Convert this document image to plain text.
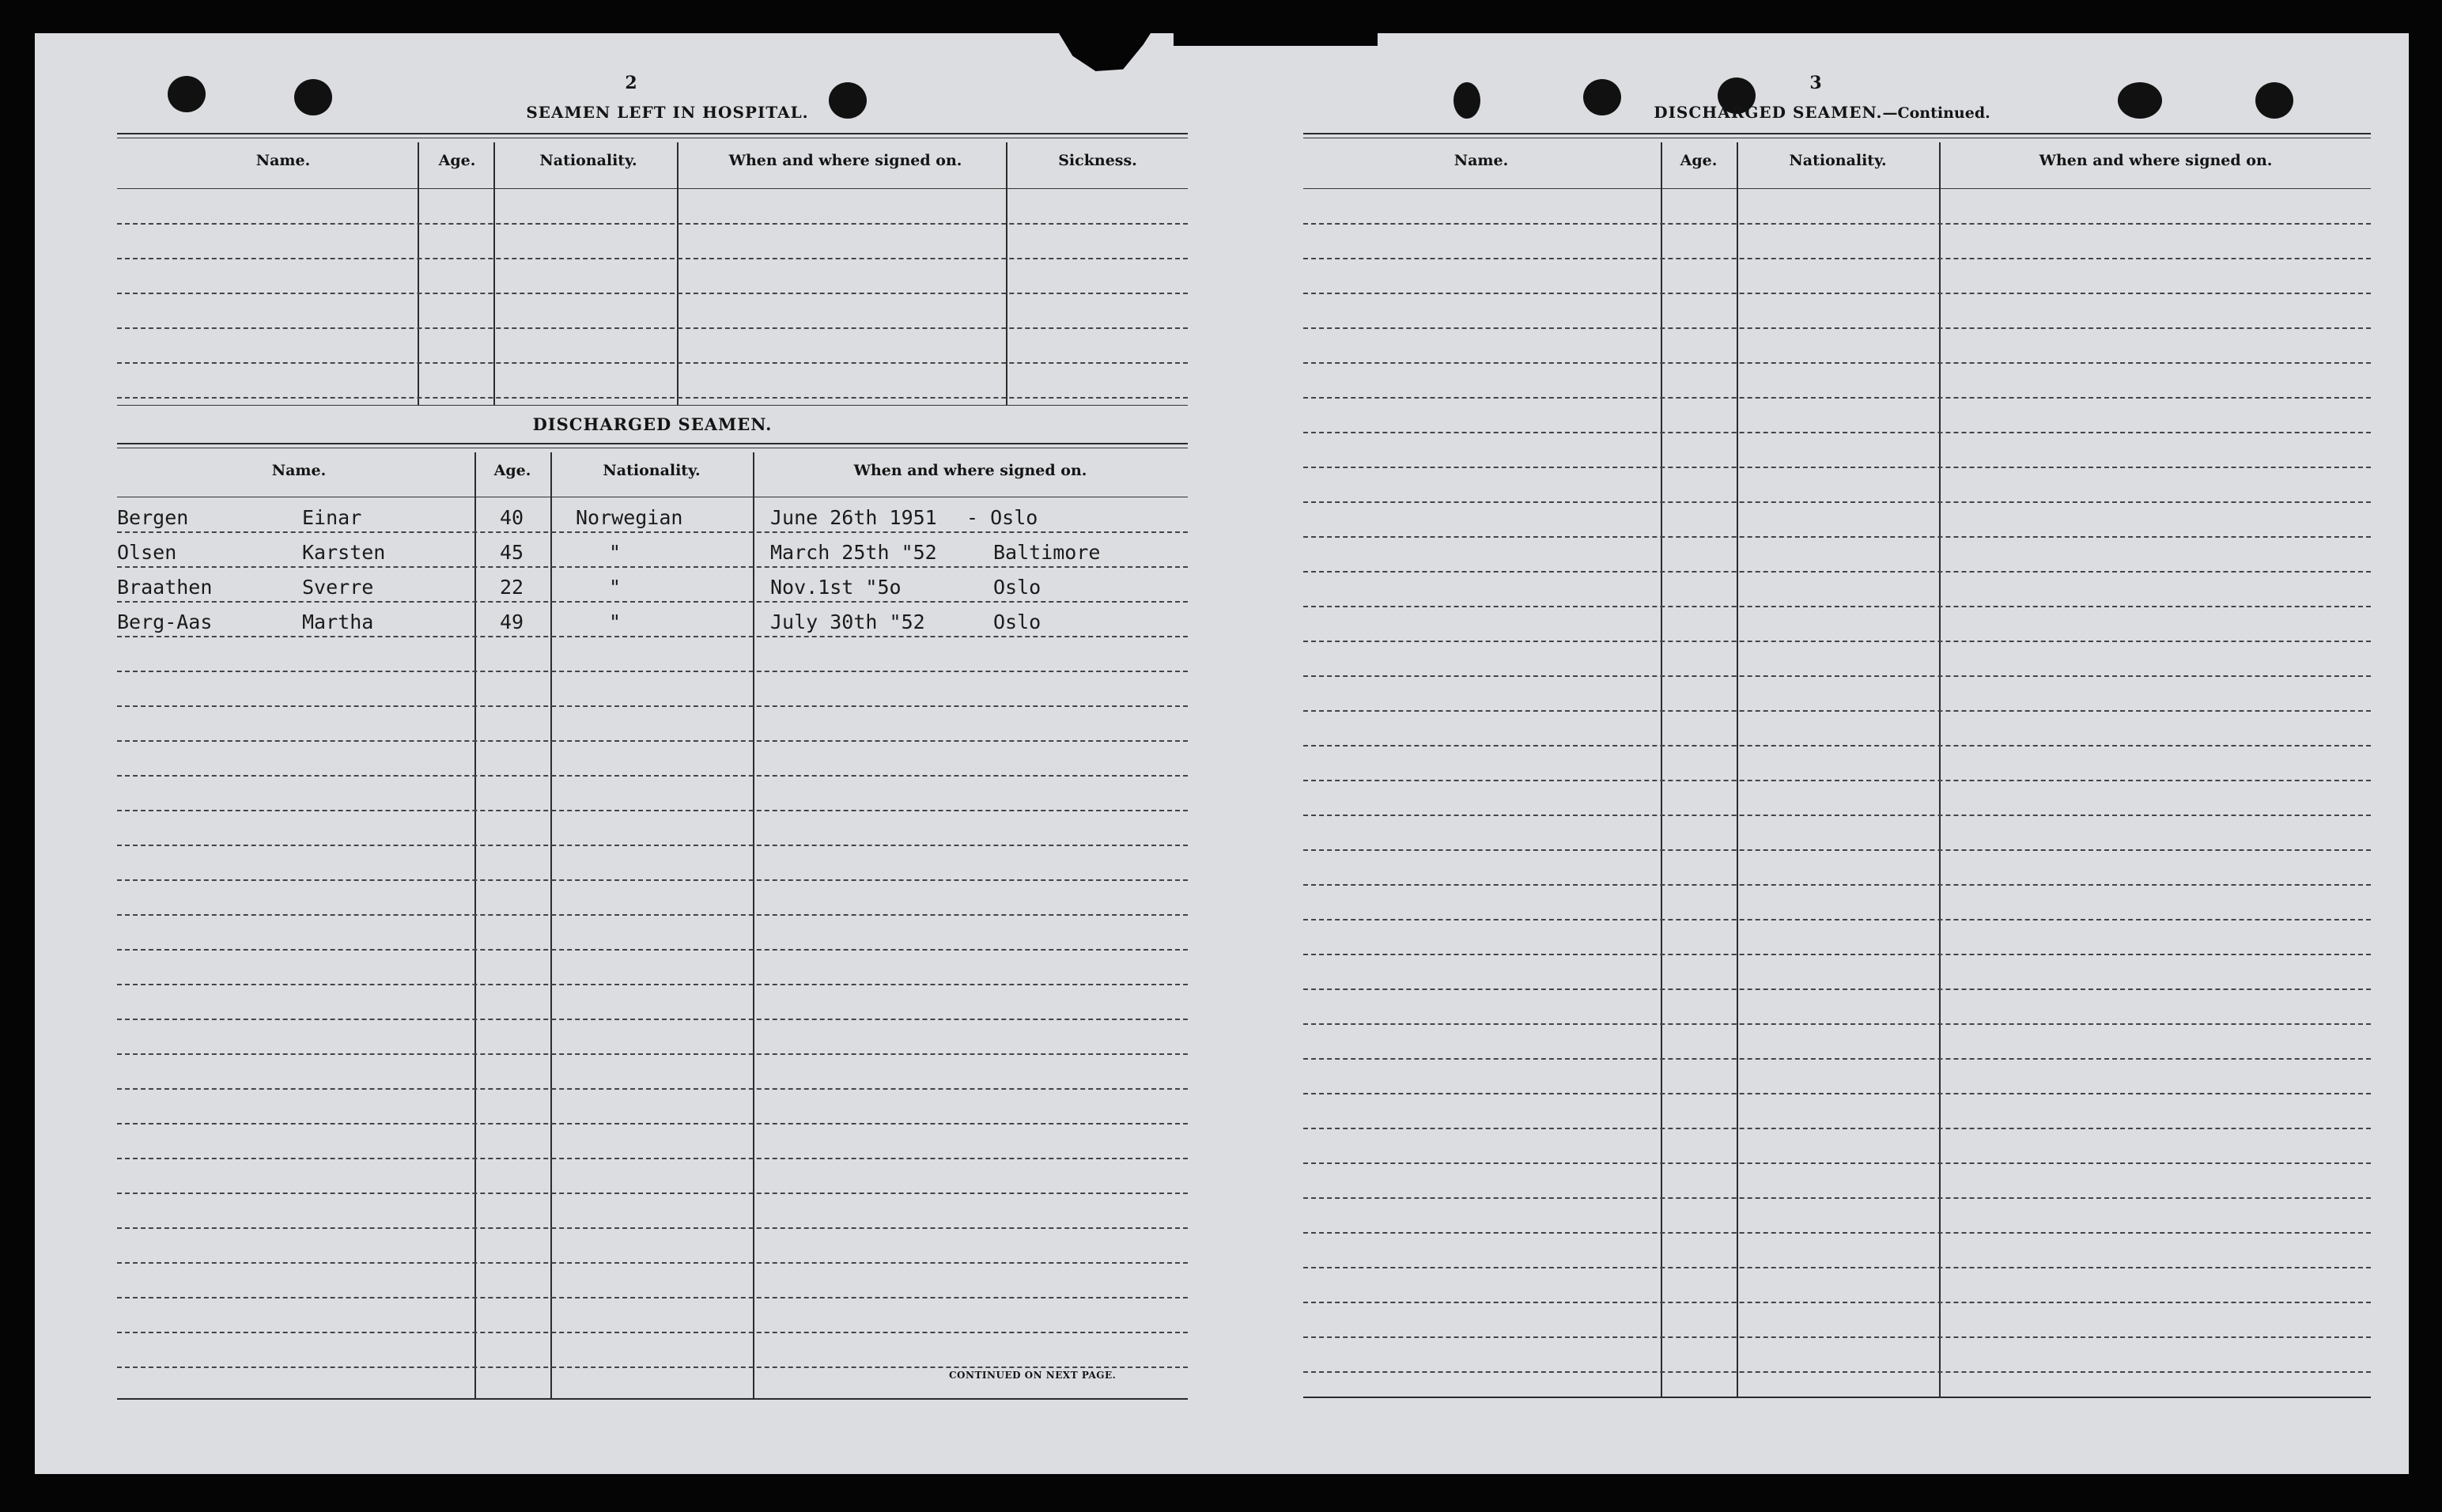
2
SEAMEN LEFT IN HOSPITAL.
Name.	Age.	Nationality.	When and where signed on.	Sickness.
DISCHARGED SEAMEN.
Name.	Age.	Nationality.	When and where signed on.
Bergen	Einar	40	Norwegian	June 26th 1951 - Oslo
Olsen	Karsten	45	"	March 25th "52	Baltimore
Braathen	Sverre	22	"	Nov.1st "5o	Oslo
Berg-Aas	Martha	49	"	July 30th "52	Oslo
CONTINUED ON NEXT PAGE.
3
DISCHARGED SEAMEN.—Continued.
Name.	Age.	Nationality.	When and where signed on.
